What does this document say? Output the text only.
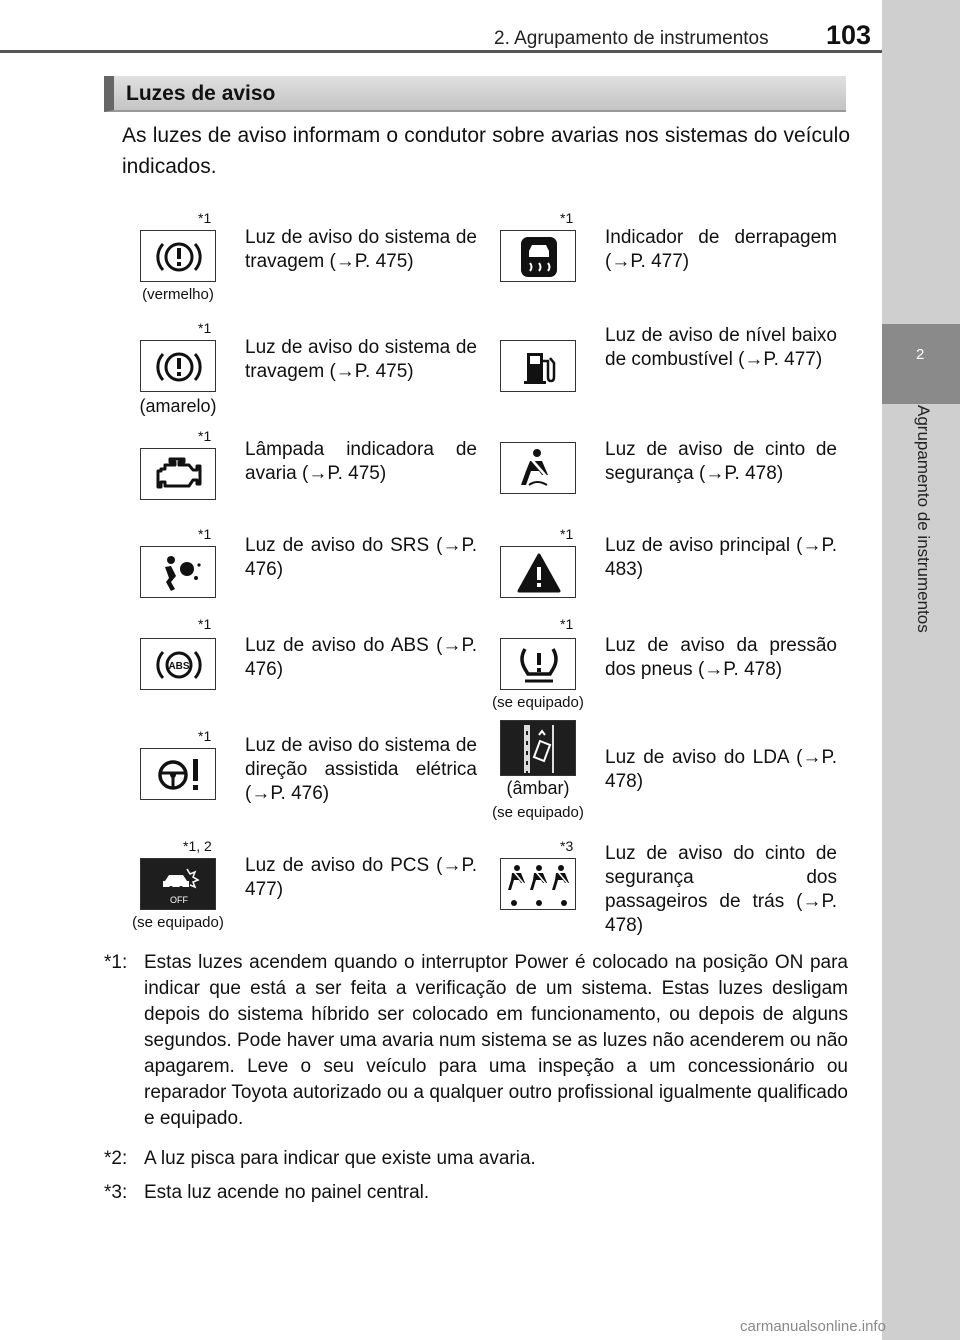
2. Agrupamento de instrumentos 103
2
Agrupamento de instrumentos
Luzes de aviso
As luzes de aviso informam o condutor sobre avarias nos sistemas do veículo indicados.
*1
(vermelho)
Luz de aviso do sistema de travagem (→P. 475)
*1
(amarelo)
Luz de aviso do sistema de travagem (→P. 475)
*1
Lâmpada indicadora de avaria (→P. 475)
*1
Luz de aviso do SRS (→P. 476)
*1
ABS
Luz de aviso do ABS (→P. 476)
*1 Luz de aviso do sistema de direção assistida elétrica (→P. 476)
*1, 2
OFF
(se equipado)
Luz de aviso do PCS (→P. 477)
*1
Indicador de derrapagem (→P. 477)
Luz de aviso de nível baixo de combustível (→P. 477)
Luz de aviso de cinto de segurança (→P. 478)
*1
Luz de aviso principal (→P. 483)
*1
(se equipado)
Luz de aviso da pressão dos pneus (→P. 478)
(âmbar)
(se equipado)
Luz de aviso do LDA (→P. 478)
*3 Luz de aviso do cinto de segurança dos passageiros de trás (→P. 478)
*1: Estas luzes acendem quando o interruptor Power é colocado na posição ON para indicar que está a ser feita a verificação de um sistema. Estas luzes desligam depois do sistema híbrido ser colocado em funcionamento, ou depois de alguns segundos. Pode haver uma avaria num sistema se as luzes não acenderem ou não apagarem. Leve o seu veículo para uma inspeção a um concessionário ou reparador Toyota autorizado ou a qualquer outro profissional igualmente qualificado e equipado.
*2: A luz pisca para indicar que existe uma avaria.
*3: Esta luz acende no painel central.
carmanualsonline.info
